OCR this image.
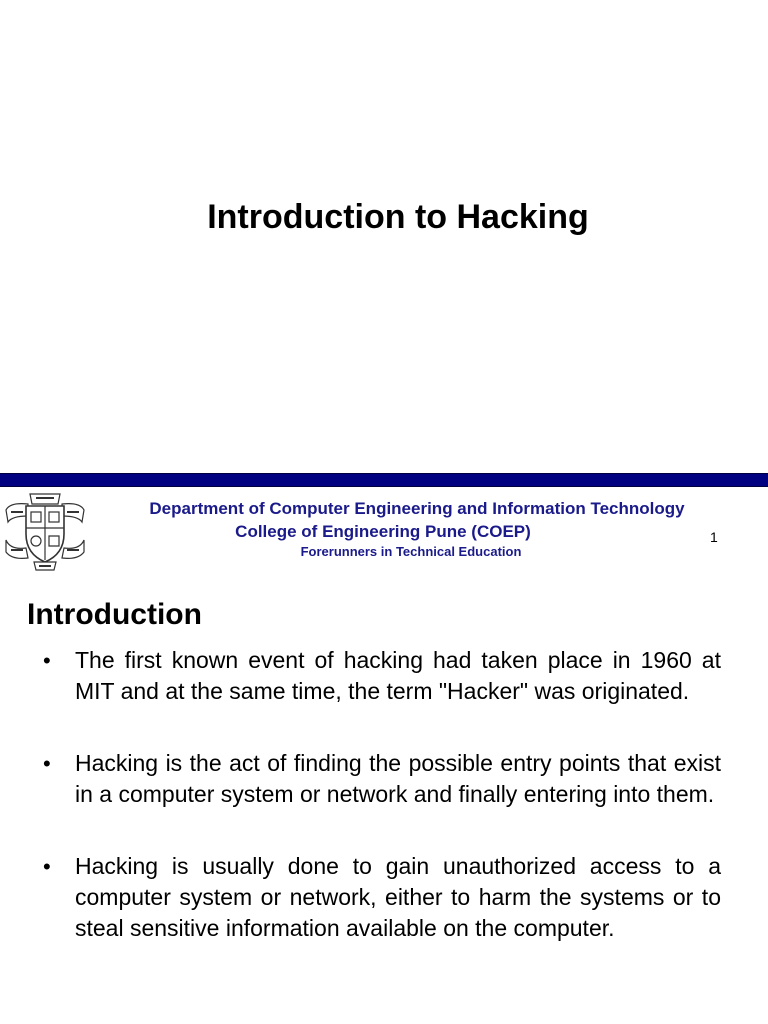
Introduction to Hacking
Department of Computer Engineering and Information Technology
College of Engineering Pune (COEP)
Forerunners in Technical Education
1
Introduction
• The first known event of hacking had taken place in 1960 at MIT and at the same time, the term "Hacker" was originated.
• Hacking is the act of finding the possible entry points that exist in a computer system or network and finally entering into them.
• Hacking is usually done to gain unauthorized access to a computer system or network, either to harm the systems or to steal sensitive information available on the computer.
